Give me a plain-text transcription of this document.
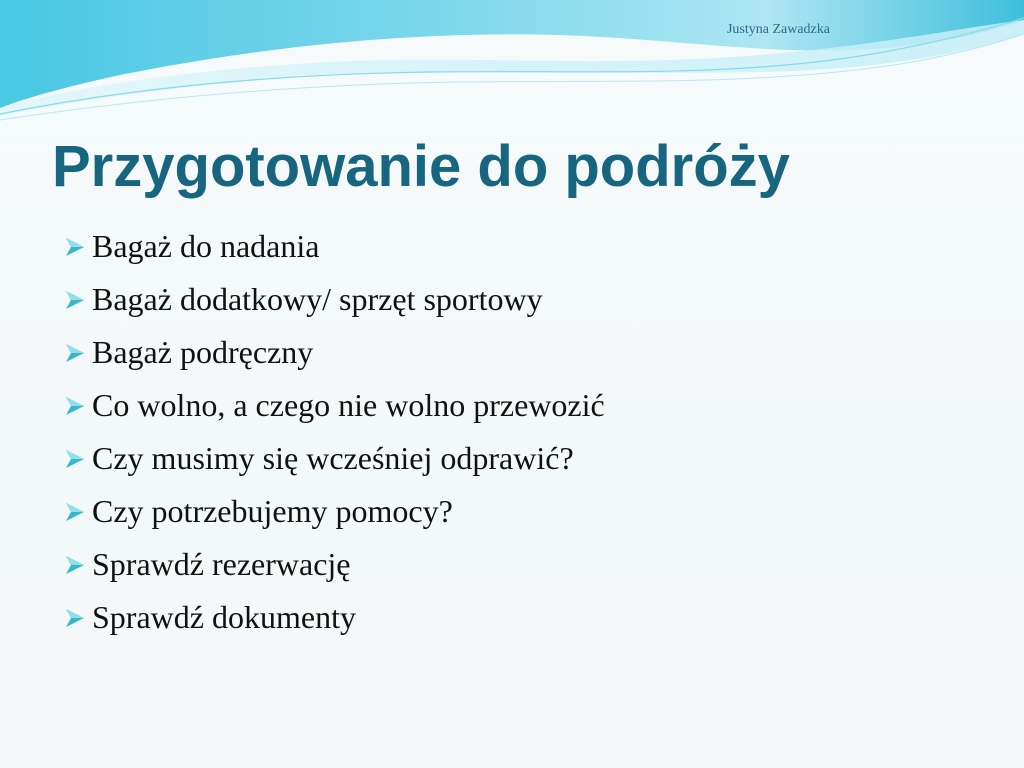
Justyna Zawadzka

Przygotowanie do podróży
Bagaż do nadania
Bagaż dodatkowy/ sprzęt sportowy
Bagaż podręczny
Co wolno, a czego nie wolno przewozić
Czy musimy się wcześniej odprawić?
Czy potrzebujemy pomocy?
Sprawdź rezerwację
Sprawdź dokumenty
